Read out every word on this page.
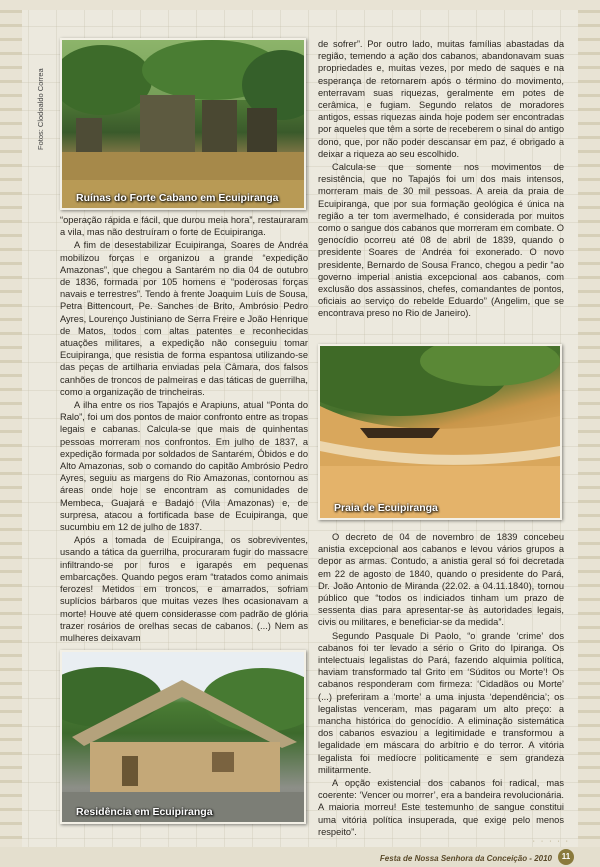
Fotos: Clodoaldo Correa
Ruínas do Forte Cabano em Ecuipiranga

“operação rápida e fácil, que durou meia hora”, restauraram a vila, mas não destruíram o forte de Ecuipiranga.

A fim de desestabilizar Ecuipiranga, Soares de Andréa mobilizou forças e organizou a grande “expedição Amazonas”, que chegou a Santarém no dia 04 de outubro de 1836, formada por 105 homens e “poderosas forças navais e terrestres”. Tendo à frente Joaquim Luís de Sousa, Petra Bittencourt, Pe. Sanches de Brito, Ambrósio Pedro Ayres, Lourenço Justiniano de Serra Freire e João Henrique de Matos, todos com altas patentes e reconhecidas atuações militares, a expedição não conseguiu tomar Ecuipiranga, que resistia de forma espantosa utilizando-se das peças de artilharia enviadas pela Câmara, dos falsos canhões de troncos de palmeiras e das táticas de guerrilha, como a organização de trincheiras.

A ilha entre os rios Tapajós e Arapiuns, atual “Ponta do Ralo”, foi um dos pontos de maior confronto entre as tropas legais e cabanas. Calcula-se que mais de quinhentas pessoas morreram nos confrontos. Em julho de 1837, a expedição formada por soldados de Santarém, Óbidos e do Alto Amazonas, sob o comando do capitão Ambrósio Pedro Ayres, seguiu as margens do Rio Amazonas, contornou as áreas onde hoje se encontram as comunidades de Membeca, Guajará e Badajó (Vila Amazonas) e, de surpresa, atacou a fortificada base de Ecuipiranga, que sucumbiu em 12 de julho de 1837.

Após a tomada de Ecuipiranga, os sobreviventes, usando a tática da guerrilha, procuraram fugir do massacre infiltrando-se por furos e igarapés em pequenas embarcações. Quando pegos eram “tratados como animais ferozes! Metidos em troncos, e amarrados, sofriam suplícios bárbaros que muitas vezes lhes ocasionavam a morte! Houve até quem considerasse com padrão de glória trazer rosários de orelhas secas de cabanos. (...) Nem as mulheres deixavam

de sofrer”. Por outro lado, muitas famílias abastadas da região, temendo a ação dos cabanos, abandonavam suas propriedades e, muitas vezes, por medo de saques e na esperança de retornarem após o término do movimento, enterravam suas riquezas, geralmente em potes de cerâmica, e fugiam. Segundo relatos de moradores antigos, essas riquezas ainda hoje podem ser encontradas por aqueles que têm a sorte de receberem o sinal do antigo dono, que, por não poder descansar em paz, é obrigado a deixar a riqueza ao seu escolhido.

Calcula-se que somente nos movimentos de resistência, que no Tapajós foi um dos mais intensos, morreram mais de 30 mil pessoas. A areia da praia de Ecuipiranga, que por sua formação geológica é única na região a ter tom avermelhado, é considerada por muitos como o sangue dos cabanos que morreram em combate. O genocídio ocorreu até 08 de abril de 1839, quando o presidente Soares de Andréa foi exonerado. O novo presidente, Bernardo de Sousa Franco, chegou a pedir “ao governo imperial anistia excepcional aos cabanos, com exclusão dos assassinos, chefes, comandantes de pontos, oficiais ao serviço do rebelde Eduardo” (Angelim, que se encontrava preso no Rio de Janeiro).

Praia de Ecuipiranga

O decreto de 04 de novembro de 1839 concebeu anistia excepcional aos cabanos e levou vários grupos a depor as armas. Contudo, a anistia geral só foi decretada em 22 de agosto de 1840, quando o presidente do Pará, Dr. João Antonio de Miranda (22.02. a 04.11.1840), tornou público que “todos os indiciados tinham um prazo de sessenta dias para apresentar-se às autoridades legais, civis ou militares, e beneficiar-se da medida”.

Segundo Pasquale Di Paolo, “o grande ‘crime’ dos cabanos foi ter levado a sério o Grito do Ipiranga. Os intelectuais legalistas do Pará, fazendo alquimia política, haviam transformado tal Grito em ‘Súditos ou Morte’! Os cabanos responderam com firmeza: ‘Cidadãos ou Morte’ (...) preferiram a ‘morte’ a uma injusta ‘dependência’; os legalistas venceram, mas pagaram um alto preço: a mancha histórica do genocídio. A eliminação sistemática dos cabanos esvaziou a legitimidade e transformou a legalidade em máscara do arbítrio e do terror. A vitória legalista foi medíocre politicamente e sem grandeza militarmente.

A opção existencial dos cabanos foi radical, mas coerente: ‘Vencer ou morrer’, era a bandeira revolucionária. A maioria morreu! Este testemunho de sangue constitui uma vitória política insuperada, que exige pelo menos respeito”.

Residência em Ecuipiranga
· · · · ·
Festa de Nossa Senhora da Conceição - 2010	11
